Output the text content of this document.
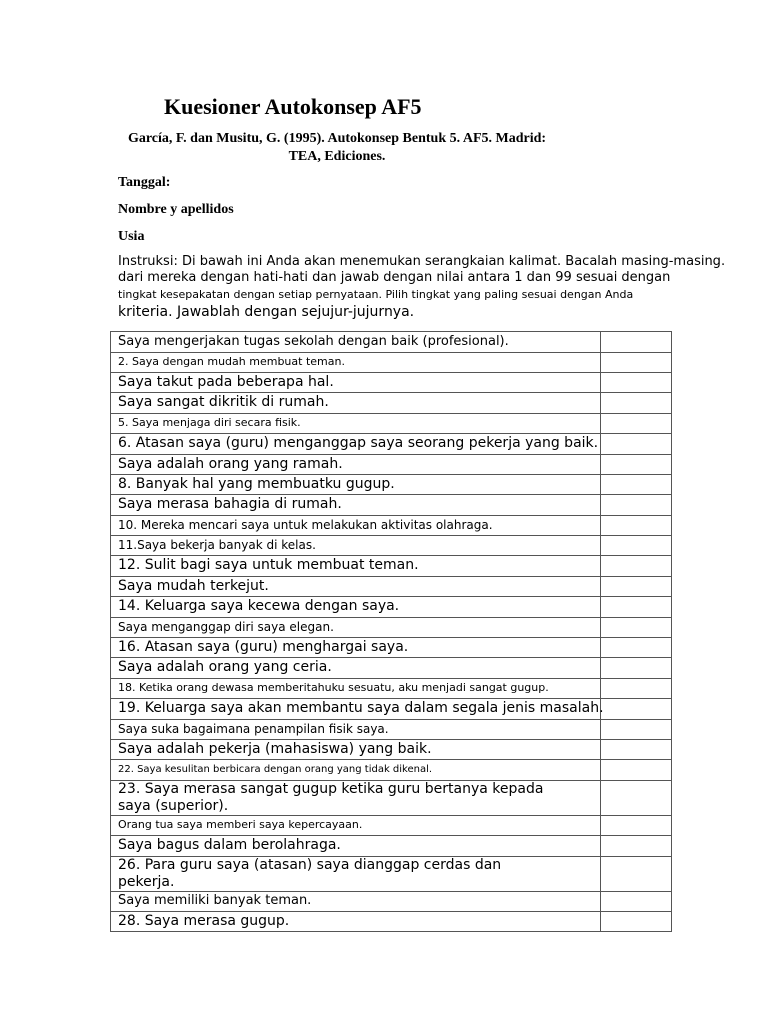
Kuesioner Autokonsep AF5
García, F. dan Musitu, G. (1995). Autokonsep Bentuk 5. AF5. Madrid:
TEA, Ediciones.
Tanggal:
Nombre y apellidos
Usia
Instruksi: Di bawah ini Anda akan menemukan serangkaian kalimat. Bacalah masing-masing.
dari mereka dengan hati-hati dan jawab dengan nilai antara 1 dan 99 sesuai dengan
tingkat kesepakatan dengan setiap pernyataan. Pilih tingkat yang paling sesuai dengan Anda
kriteria. Jawablah dengan sejujur-jujurnya.
Saya mengerjakan tugas sekolah dengan baik (profesional).	

2. Saya dengan mudah membuat teman.	

Saya takut pada beberapa hal.	

Saya sangat dikritik di rumah.	

5. Saya menjaga diri secara fisik.	

6. Atasan saya (guru) menganggap saya seorang pekerja yang baik.	

Saya adalah orang yang ramah.	

8. Banyak hal yang membuatku gugup.	

Saya merasa bahagia di rumah.	

10. Mereka mencari saya untuk melakukan aktivitas olahraga.	

11.Saya bekerja banyak di kelas.	

12. Sulit bagi saya untuk membuat teman.	

Saya mudah terkejut.	

14. Keluarga saya kecewa dengan saya.	

Saya menganggap diri saya elegan.	

16. Atasan saya (guru) menghargai saya.	

Saya adalah orang yang ceria.	

18. Ketika orang dewasa memberitahuku sesuatu, aku menjadi sangat gugup.	

19. Keluarga saya akan membantu saya dalam segala jenis masalah.	

Saya suka bagaimana penampilan fisik saya.	

Saya adalah pekerja (mahasiswa) yang baik.	

22. Saya kesulitan berbicara dengan orang yang tidak dikenal.	

23. Saya merasa sangat gugup ketika guru bertanya kepada saya (superior).	

Orang tua saya memberi saya kepercayaan.	

Saya bagus dalam berolahraga.	

26. Para guru saya (atasan) saya dianggap cerdas dan pekerja.	

Saya memiliki banyak teman.	

28. Saya merasa gugup.	
